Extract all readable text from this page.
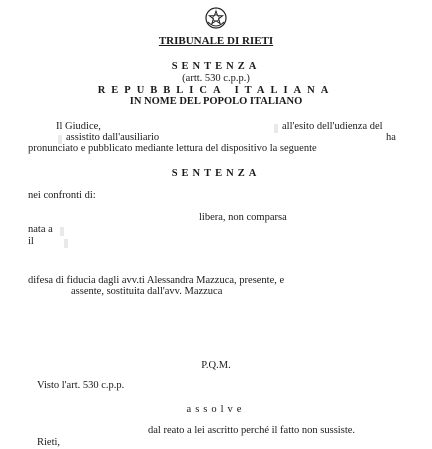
TRIBUNALE DI RIETI
SENTENZA
(artt. 530 c.p.p.)
REPUBBLICA ITALIANA
IN NOME DEL POPOLO ITALIANO
Il Giudice,	all'esito dell'udienza del
assistito dall'ausiliario	ha
pronunciato e pubblicato mediante lettura del dispositivo la seguente
SENTENZA
nei confronti di:
libera, non comparsa
nata a
il
difesa di fiducia dagli avv.ti Alessandra Mazzuca, presente, e
assente, sostituita dall'avv. Mazzuca
P.Q.M.
Visto l'art. 530 c.p.p.
assolve
dal reato a lei ascritto perché il fatto non sussiste.
Rieti,
